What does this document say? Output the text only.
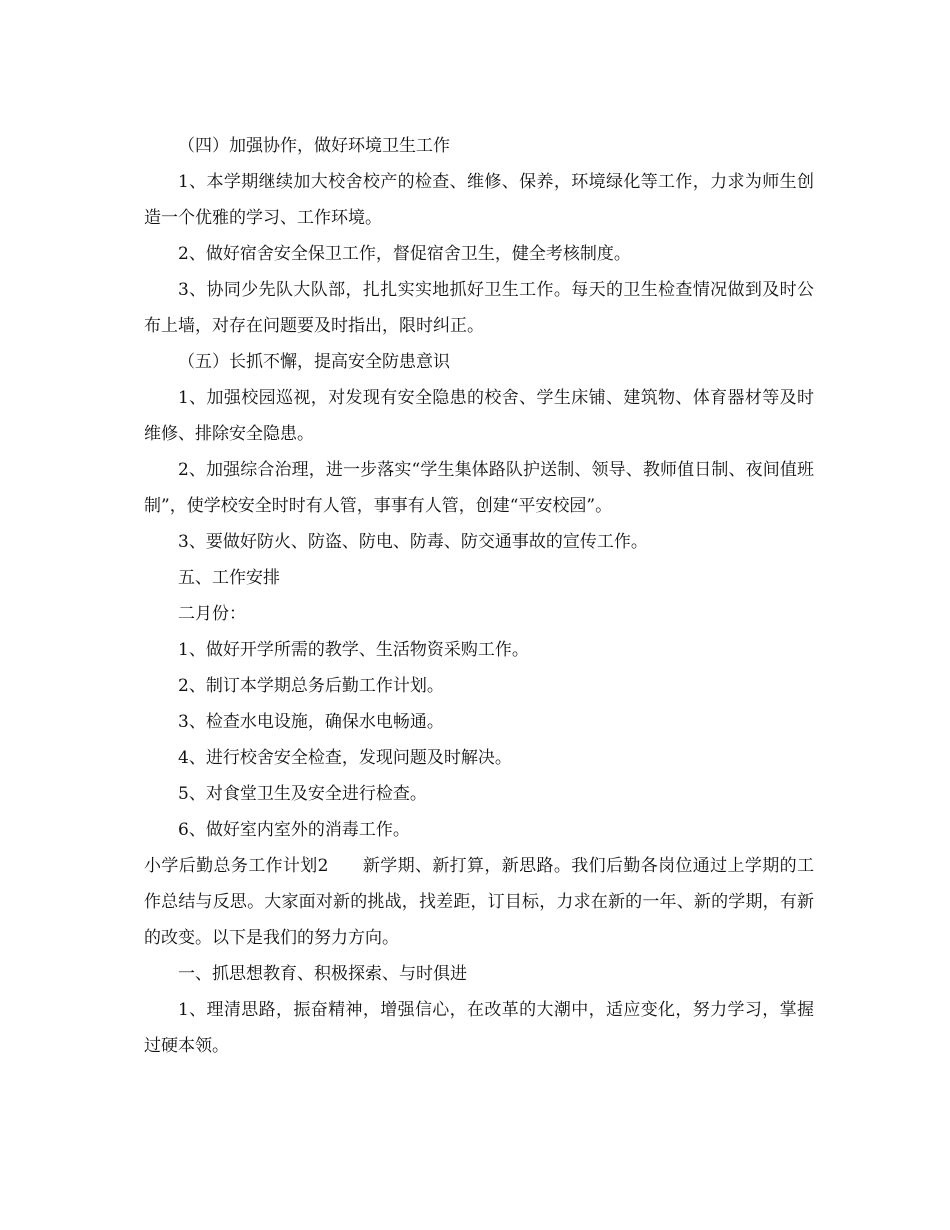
（四）加强协作，做好环境卫生工作

1、本学期继续加大校舍校产的检查、维修、保养，环境绿化等工作，力求为师生创造一个优雅的学习、工作环境。

2、做好宿舍安全保卫工作，督促宿舍卫生，健全考核制度。

3、协同少先队大队部，扎扎实实地抓好卫生工作。每天的卫生检查情况做到及时公布上墙，对存在问题要及时指出，限时纠正。

（五）长抓不懈，提高安全防患意识

1、加强校园巡视，对发现有安全隐患的校舍、学生床铺、建筑物、体育器材等及时维修、排除安全隐患。

2、加强综合治理，进一步落实“学生集体路队护送制、领导、教师值日制、夜间值班制”，使学校安全时时有人管，事事有人管，创建“平安校园”。

3、要做好防火、防盗、防电、防毒、防交通事故的宣传工作。

五、工作安排

二月份：

1、做好开学所需的教学、生活物资采购工作。

2、制订本学期总务后勤工作计划。

3、检查水电设施，确保水电畅通。

4、进行校舍安全检查，发现问题及时解决。

5、对食堂卫生及安全进行检查。

6、做好室内室外的消毒工作。

小学后勤总务工作计划2 新学期、新打算，新思路。我们后勤各岗位通过上学期的工作总结与反思。大家面对新的挑战，找差距，订目标，力求在新的一年、新的学期，有新的改变。以下是我们的努力方向。

一、抓思想教育、积极探索、与时俱进

1、理清思路，振奋精神，增强信心，在改革的大潮中，适应变化，努力学习，掌握过硬本领。
